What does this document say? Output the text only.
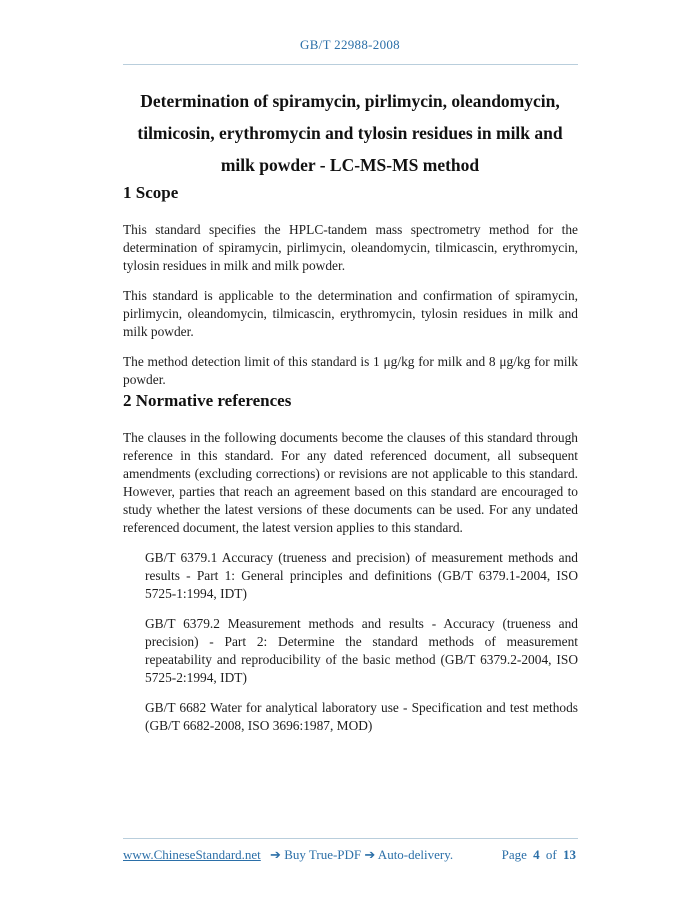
GB/T 22988-2008
Determination of spiramycin, pirlimycin, oleandomycin,
tilmicosin, erythromycin and tylosin residues in milk and
milk powder - LC-MS-MS method
1 Scope

This standard specifies the HPLC-tandem mass spectrometry method for the determination of spiramycin, pirlimycin, oleandomycin, tilmicascin, erythromycin, tylosin residues in milk and milk powder.

This standard is applicable to the determination and confirmation of spiramycin, pirlimycin, oleandomycin, tilmicascin, erythromycin, tylosin residues in milk and milk powder.

The method detection limit of this standard is 1 μg/kg for milk and 8 μg/kg for milk powder.

2 Normative references

The clauses in the following documents become the clauses of this standard through reference in this standard. For any dated referenced document, all subsequent amendments (excluding corrections) or revisions are not applicable to this standard. However, parties that reach an agreement based on this standard are encouraged to study whether the latest versions of these documents can be used. For any undated referenced document, the latest version applies to this standard.

GB/T 6379.1 Accuracy (trueness and precision) of measurement methods and results - Part 1: General principles and definitions (GB/T 6379.1-2004, ISO 5725-1:1994, IDT)

GB/T 6379.2 Measurement methods and results - Accuracy (trueness and precision) - Part 2: Determine the standard methods of measurement repeatability and reproducibility of the basic method (GB/T 6379.2-2004, ISO 5725-2:1994, IDT)

GB/T 6682 Water for analytical laboratory use - Specification and test methods (GB/T 6682-2008, ISO 3696:1987, MOD)

www.ChineseStandard.net ➔ Buy True-PDF ➔ Auto-delivery.	Page 4 of 13
